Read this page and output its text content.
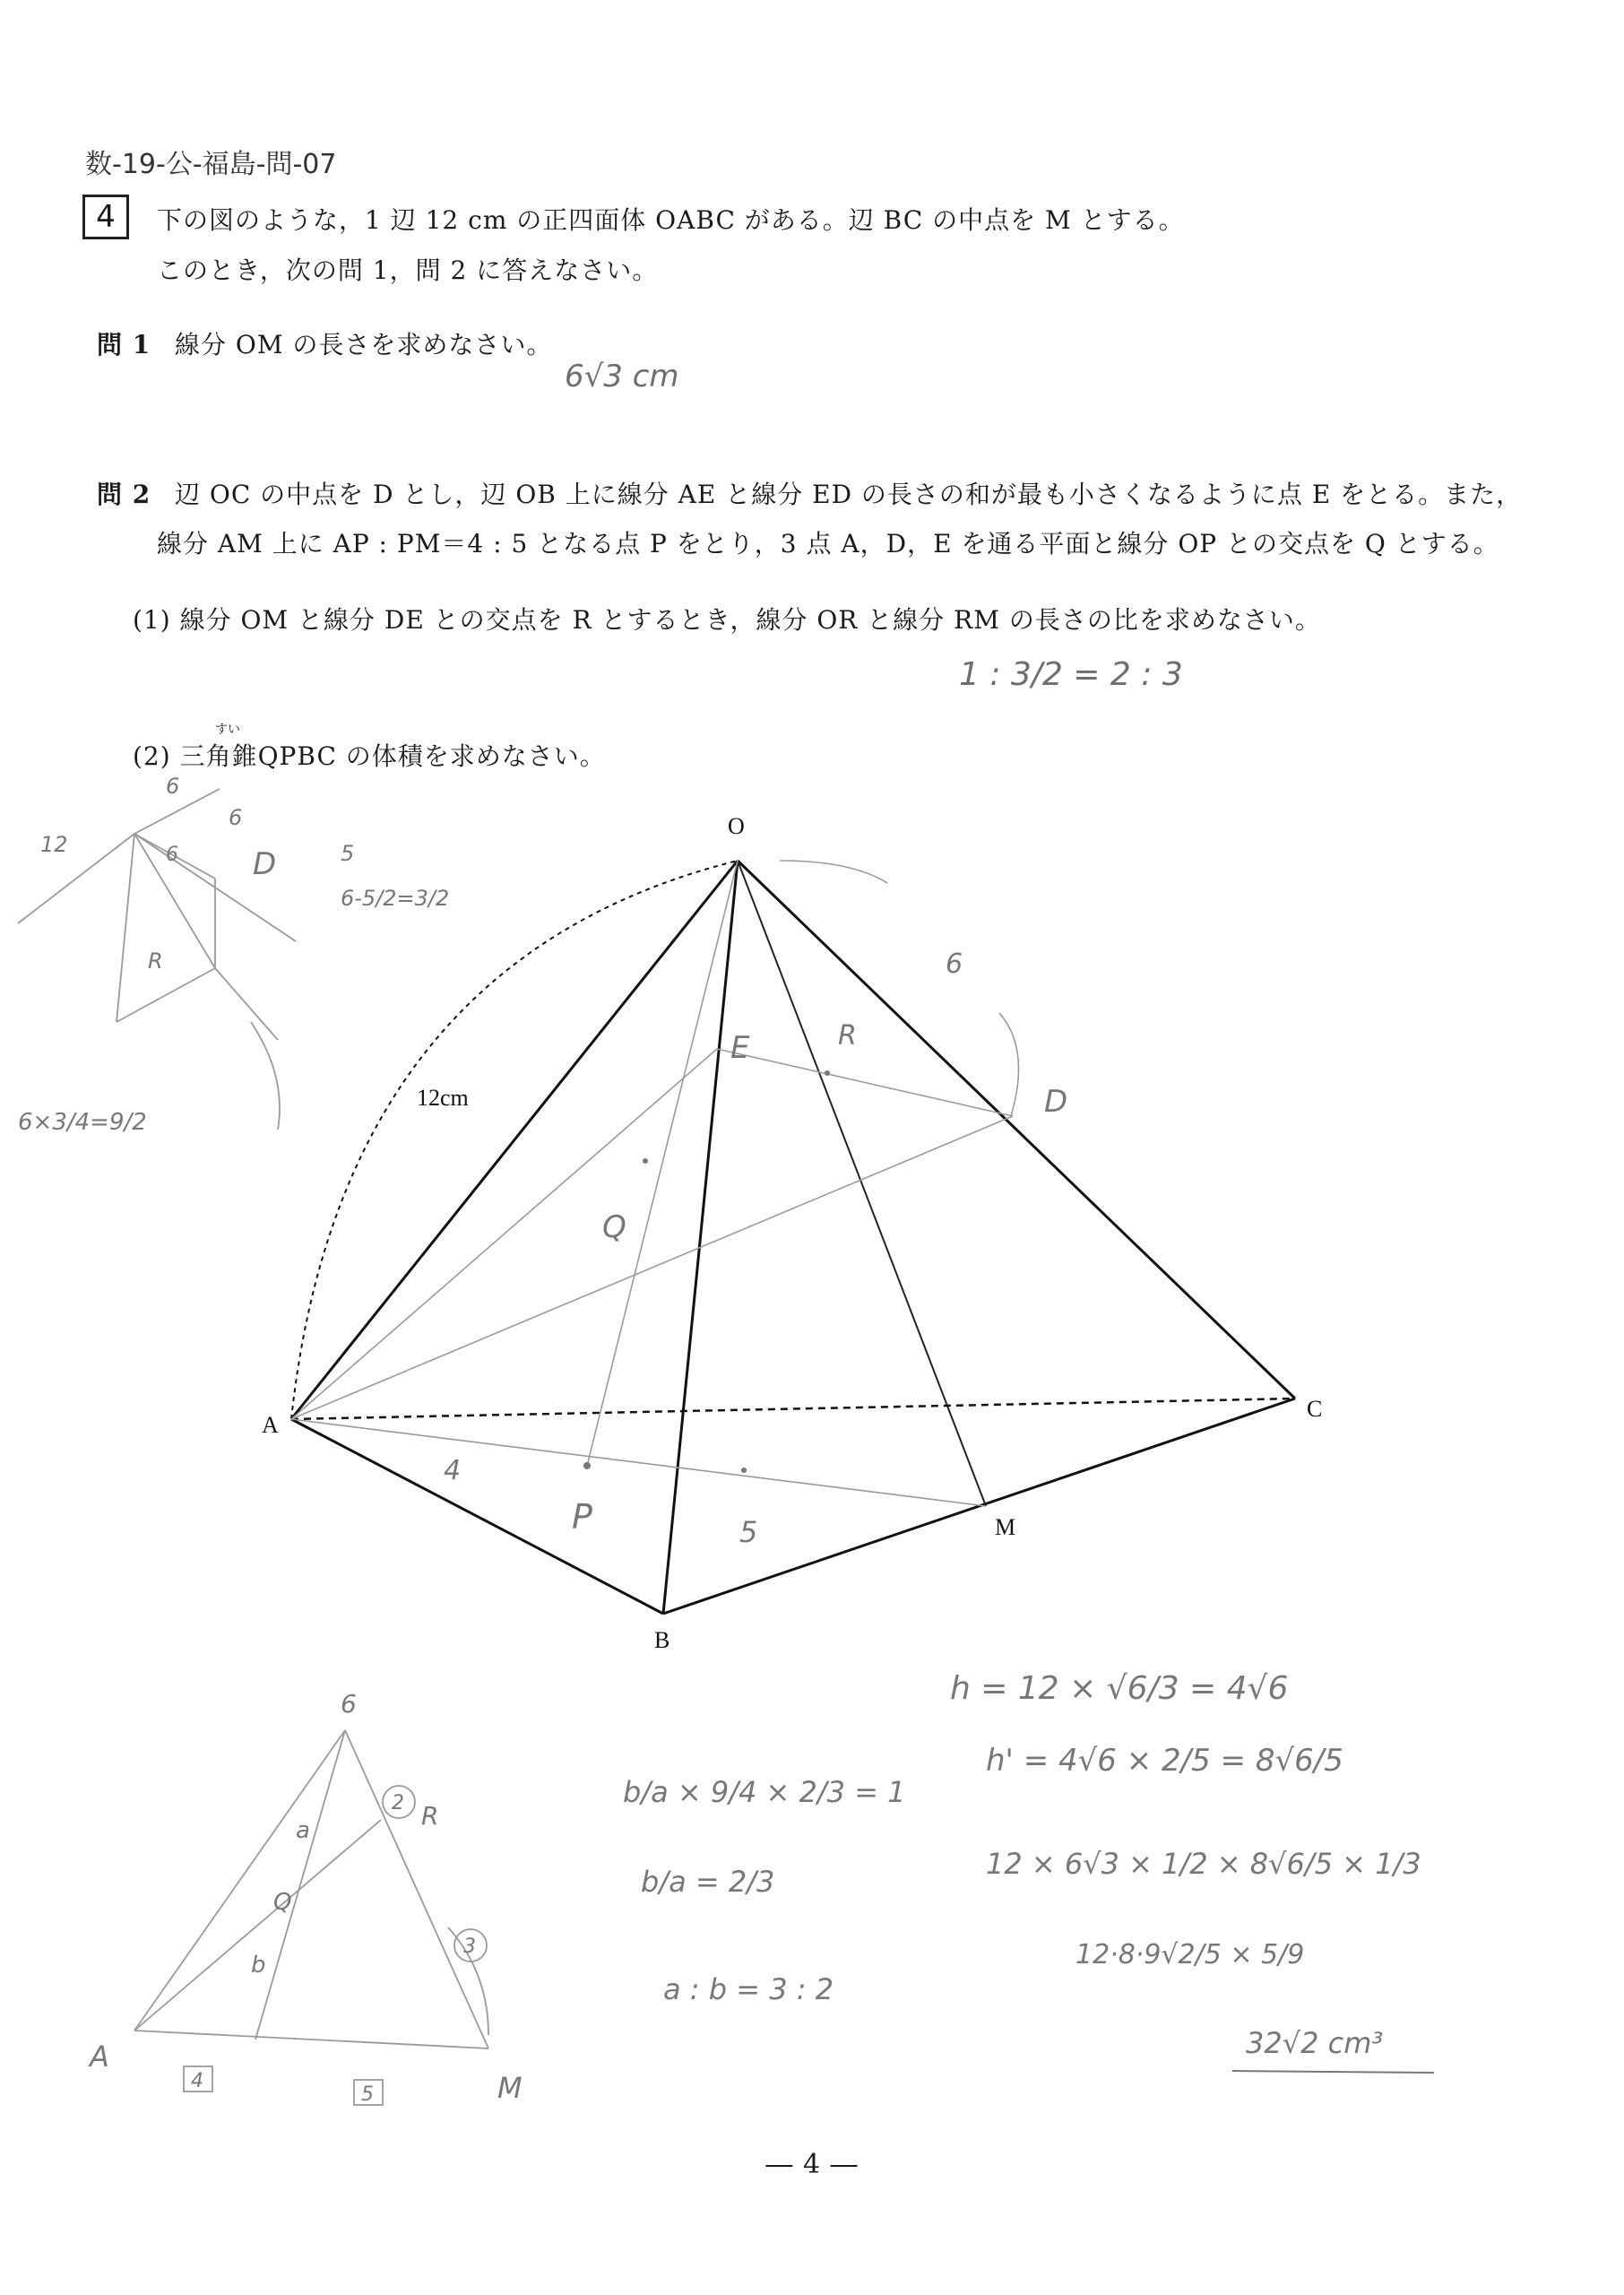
数-19-公-福島-問-07
4	下の図のような，1 辺 12 cm の正四面体 OABC がある。辺 BC の中点を M とする。
このとき，次の問 1，問 2 に答えなさい。
問 1 線分 OM の長さを求めなさい。
6√3 cm
問 2 辺 OC の中点を D とし，辺 OB 上に線分 AE と線分 ED の長さの和が最も小さくなるように点 E をとる。また，
線分 AM 上に AP : PM＝4 : 5 となる点 P をとり，3 点 A，D，E を通る平面と線分 OP との交点を Q とする。
(1) 線分 OM と線分 DE との交点を R とするとき，線分 OR と線分 RM の長さの比を求めなさい。
1 : 3/2 = 2 : 3
すい
(2) 三角錐QPBC の体積を求めなさい。
O
A
B
C
M
12cm
E	R
D
Q
P
6
4
5
12
6
6
D
R
6	5
6-5/2=3/2
6×3/4=9/2
6
R
A
M
a
b
Q
4
5
2
3
b/a × 9/4 × 2/3 = 1
b/a = 2/3
a : b = 3 : 2
h = 12 × √6/3 = 4√6
h' = 4√6 × 2/5 = 8√6/5
12 × 6√3 × 1/2 × 8√6/5 × 1/3
12·8·9√2/5 × 5/9
32√2 cm³
― 4 ―
